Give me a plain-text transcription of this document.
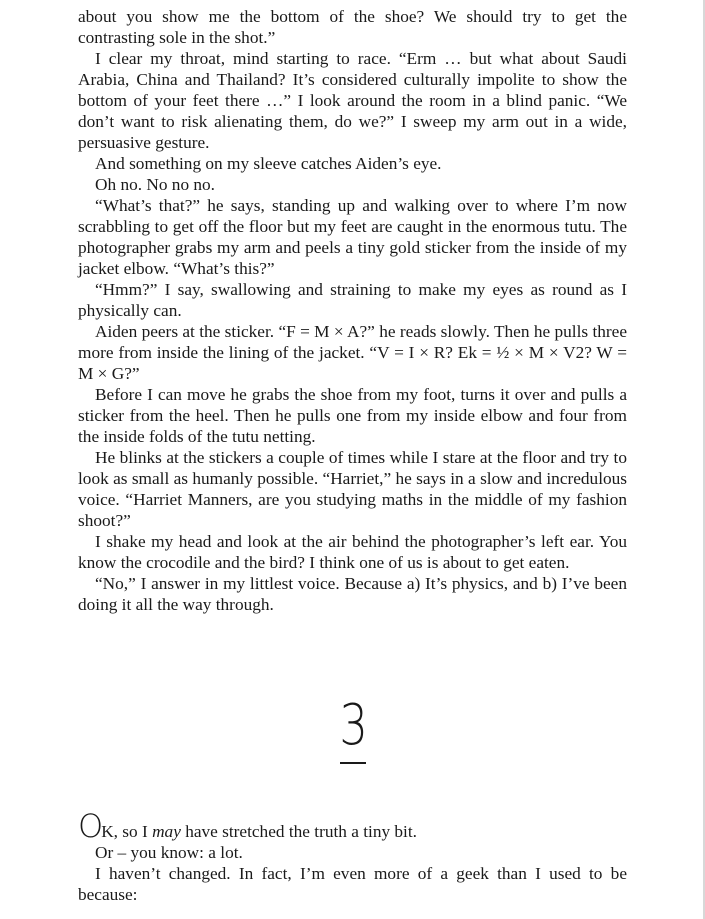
about you show me the bottom of the shoe? We should try to get the contrasting sole in the shot.”

I clear my throat, mind starting to race. “Erm … but what about Saudi Arabia, China and Thailand? It’s considered culturally impolite to show the bottom of your feet there …” I look around the room in a blind panic. “We don’t want to risk alienating them, do we?” I sweep my arm out in a wide, persuasive gesture.

And something on my sleeve catches Aiden’s eye.

Oh no. No no no.

“What’s that?” he says, standing up and walking over to where I’m now scrabbling to get off the floor but my feet are caught in the enormous tutu. The photographer grabs my arm and peels a tiny gold sticker from the inside of my jacket elbow. “What’s this?”

“Hmm?” I say, swallowing and straining to make my eyes as round as I physically can.

Aiden peers at the sticker. “F = M × A?” he reads slowly. Then he pulls three more from inside the lining of the jacket. “V = I × R? Ek = ½ × M × V2? W = M × G?”

Before I can move he grabs the shoe from my foot, turns it over and pulls a sticker from the heel. Then he pulls one from my inside elbow and four from the inside folds of the tutu netting.

He blinks at the stickers a couple of times while I stare at the floor and try to look as small as humanly possible. “Harriet,” he says in a slow and incredulous voice. “Harriet Manners, are you studying maths in the middle of my fashion shoot?”

I shake my head and look at the air behind the photographer’s left ear. You know the crocodile and the bird? I think one of us is about to get eaten.

“No,” I answer in my littlest voice. Because a) It’s physics, and b) I’ve been doing it all the way through.

3

OK, so I may have stretched the truth a tiny bit.

Or – you know: a lot.

I haven’t changed. In fact, I’m even more of a geek than I used to be because:
